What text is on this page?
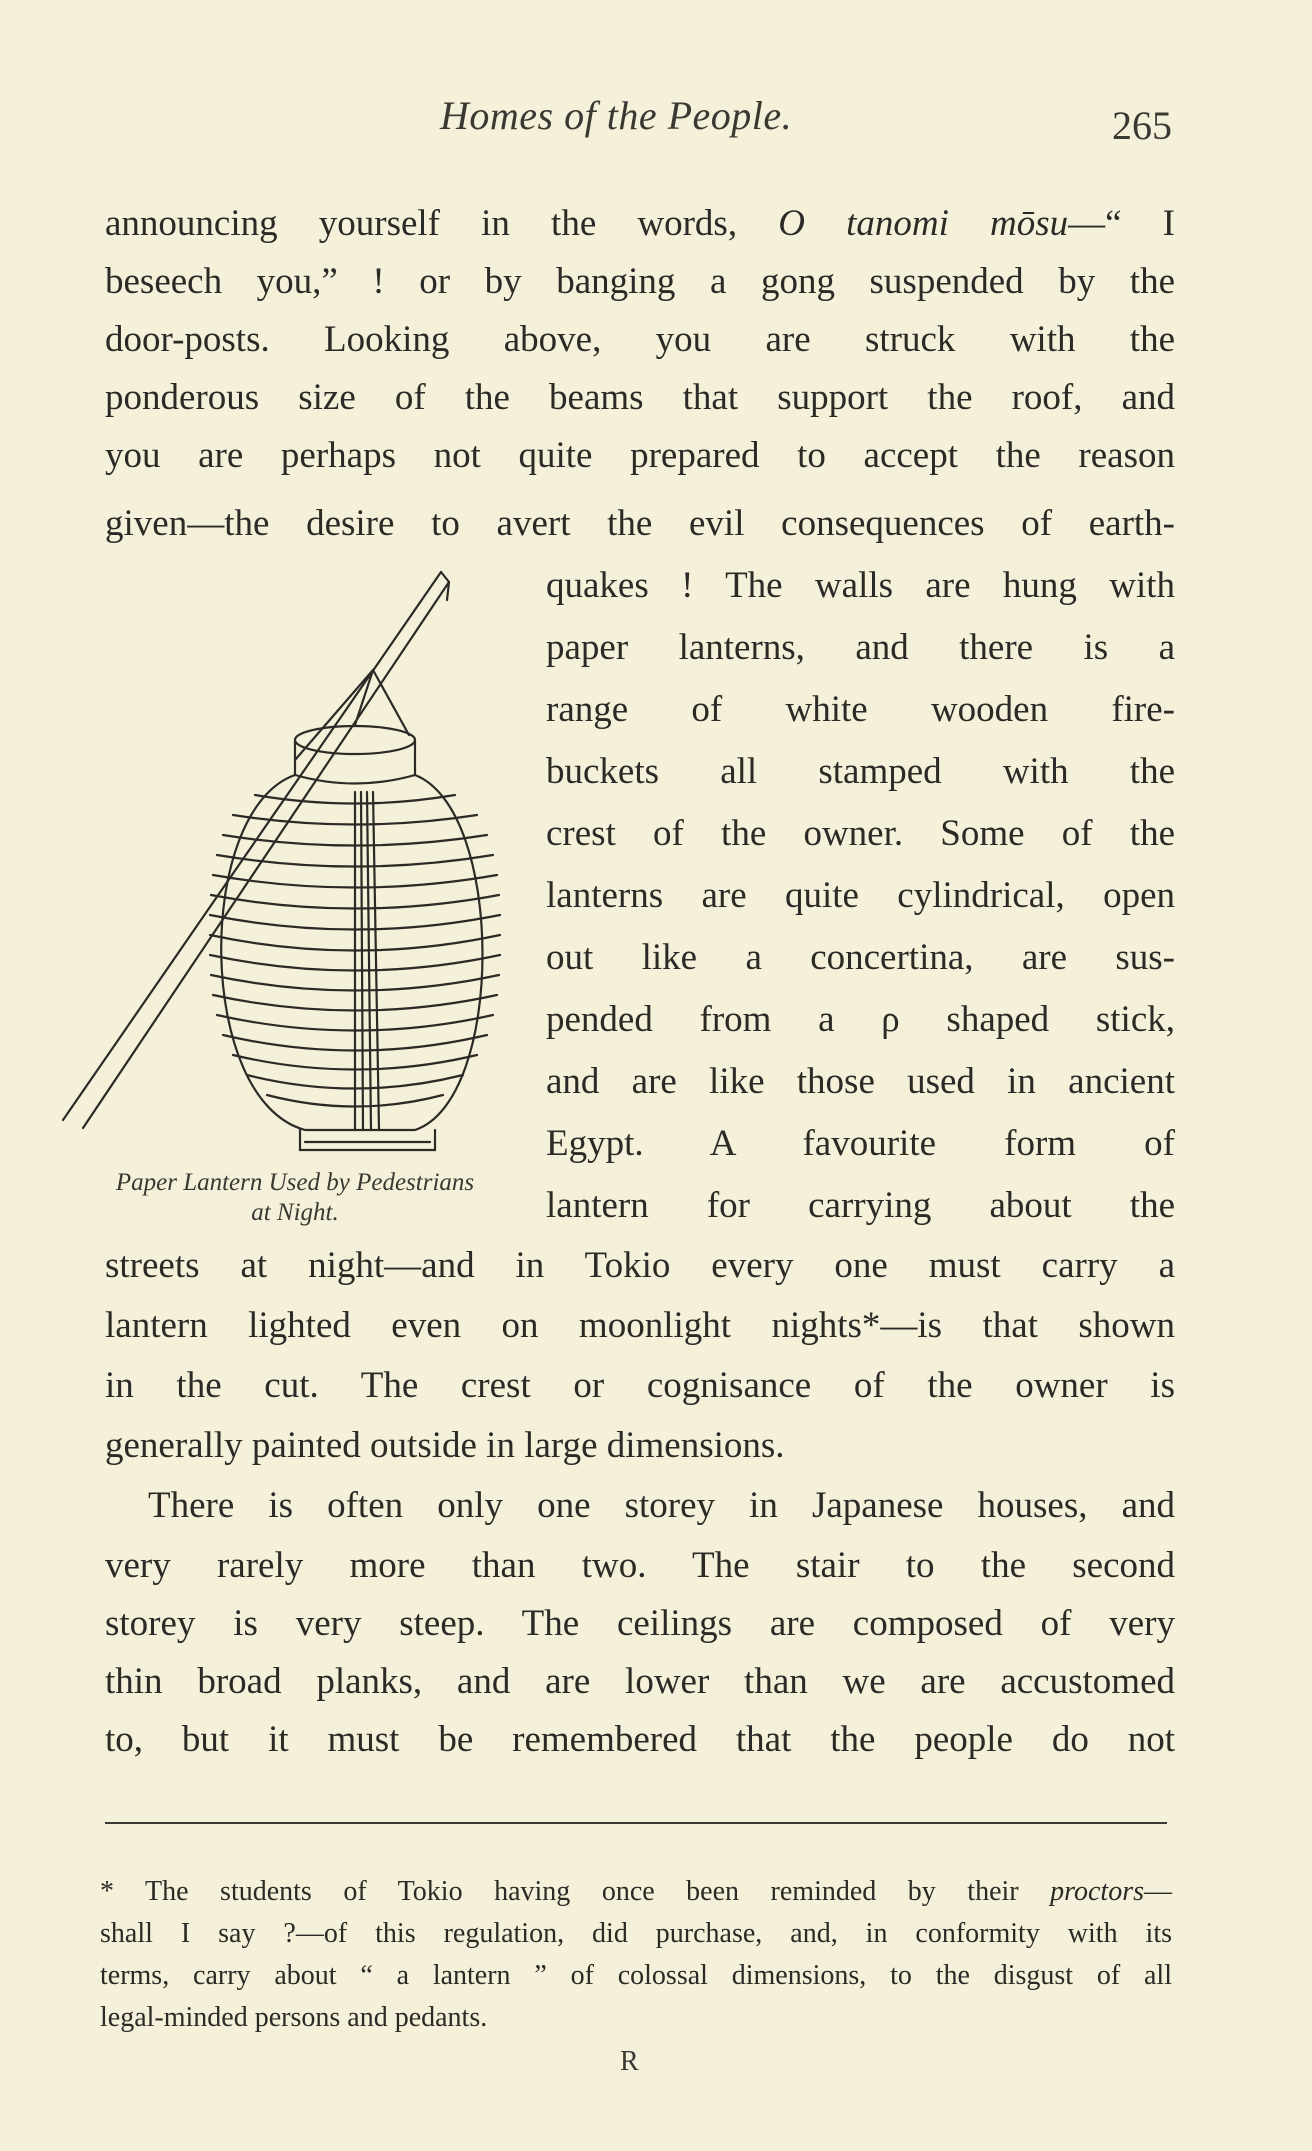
Homes of the People.	265
announcing yourself in the words, O tanomi mōsu—“ I
beseech you,” ! or by banging a gong suspended by the
door-posts. Looking above, you are struck with the
ponderous size of the beams that support the roof, and
you are perhaps not quite prepared to accept the reason
given—the desire to avert the evil consequences of earth-
quakes ! The walls are hung with
paper lanterns, and there is a
range of white wooden fire-
buckets all stamped with the
crest of the owner. Some of the
lanterns are quite cylindrical, open
out like a concertina, are sus-
pended from a ρ shaped stick,
and are like those used in ancient
Egypt. A favourite form of
lantern for carrying about the
Paper Lantern Used by Pedestrians
at Night.
streets at night—and in Tokio every one must carry a
lantern lighted even on moonlight nights*—is that shown
in the cut. The crest or cognisance of the owner is
generally painted outside in large dimensions.
There is often only one storey in Japanese houses, and
very rarely more than two. The stair to the second
storey is very steep. The ceilings are composed of very
thin broad planks, and are lower than we are accustomed
to, but it must be remembered that the people do not
* The students of Tokio having once been reminded by their proctors—
shall I say ?—of this regulation, did purchase, and, in conformity with its
terms, carry about “ a lantern ” of colossal dimensions, to the disgust of all
legal-minded persons and pedants.
R
